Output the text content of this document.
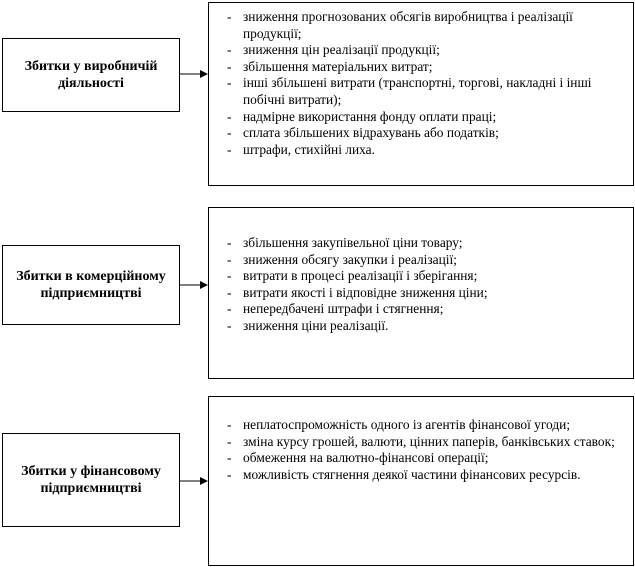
Збитки у виробничій діяльності
- зниження прогнозованих обсягів виробництва і реалізації продукції;
- зниження цін реалізації продукції;
- збільшення матеріальних витрат;
- інші збільшені витрати (транспортні, торгові, накладні і інші побічні витрати);
- надмірне використання фонду оплати праці;
- сплата збільшених відрахувань або податків;
- штрафи, стихійні лиха.
Збитки в комерційному підприємництві
- збільшення закупівельної ціни товару;
- зниження обсягу закупки і реалізації;
- витрати в процесі реалізації і зберігання;
- витрати якості і відповідне зниження ціни;
- непередбачені штрафи і стягнення;
- зниження ціни реалізації.
Збитки у фінансовому підприємництві
- неплатоспроможність одного із агентів фінансової угоди;
- зміна курсу грошей, валюти, цінних паперів, банківських ставок;
- обмеження на валютно-фінансові операції;
- можливість стягнення деякої частини фінансових ресурсів.
